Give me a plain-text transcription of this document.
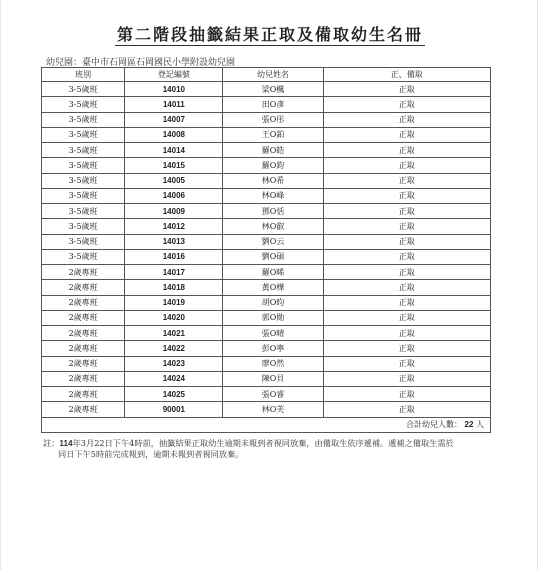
第二階段抽籤結果正取及備取幼生名冊
幼兒園：臺中市石岡區石岡國民小學附設幼兒園
班別	登記編號	幼兒姓名	正、備取
3-5歲班	14010	梁O楓	正取
3-5歲班	14011	田O彥	正取
3-5歲班	14007	張O彤	正取
3-5歲班	14008	王O鉑	正取
3-5歲班	14014	羅O皓	正取
3-5歲班	14015	羅O鈞	正取
3-5歲班	14005	林O希	正取
3-5歲班	14006	林O峰	正取
3-5歲班	14009	鄧O恬	正取
3-5歲班	14012	林O叡	正取
3-5歲班	14013	劉O云	正取
3-5歲班	14016	劉O碩	正取
2歲專班	14017	羅O晞	正取
2歲專班	14018	黃O樺	正取
2歲專班	14019	胡O昀	正取
2歲專班	14020	郭O勛	正取
2歲專班	14021	張O晴	正取
2歲專班	14022	彭O寧	正取
2歲專班	14023	廖O然	正取
2歲專班	14024	陳O貝	正取
2歲專班	14025	張O睿	正取
2歲專班	90001	林O芙	正取
合計幼兒人數： 22 人			
註：114年3月22日下午4時前，抽籤結果正取幼生逾期未報到者視同放棄，由備取生依序遞補。遞補之備取生需於
同日下午5時前完成報到，逾期未報到者視同放棄。
